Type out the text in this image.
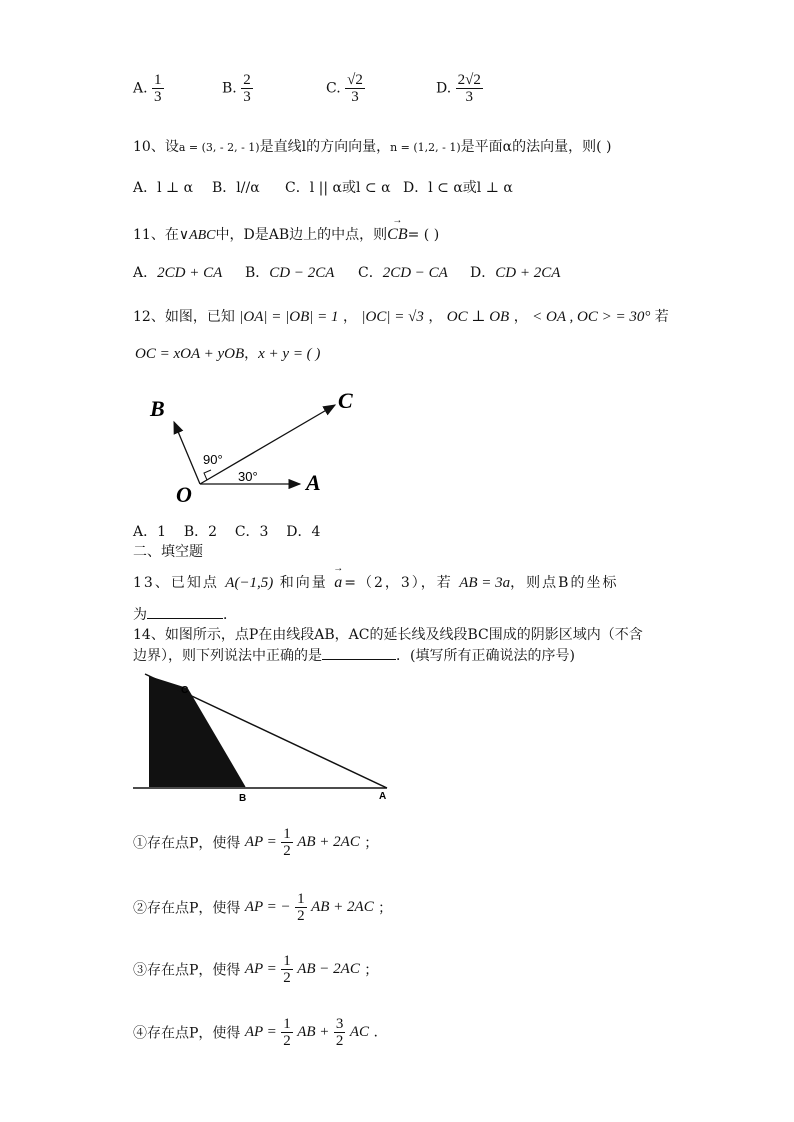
A. $\frac{1}{3}$	B. $\frac{2}{3}$	C. $\frac{√2}{3}$	D. $\frac{2√2}{3}$
10、设a = (3, - 2, - 1)是直线l的方向向量，n = (1,2, - 1)是平面α的法向量，则( )
A．l ⊥ α B．l//α C．l || α或l ⊂ α D．l ⊂ α或l ⊥ α
11、在∨ABC中，D是AB边上的中点，则→ CB= ( )
A．2CD + CA B．CD − 2CA C．2CD − CA D．CD + 2CA
12、如图，已知 |OA| = |OB| = 1 ， |OC| = √3 ， OC ⊥ OB ， < OA , OC > = 30° 若
OC = xOA + yOB，x + y = ( )
B	C
O	A
90°
30°
A．1    B．2    C．3    D．4
二、填空题
13、已知点 A(−1,5) 和向量 → a=（2，3），若 AB = 3a，则点B的坐标
为	．
14、如图所示，点P在由线段AB，AC的延长线及线段BC围成的阴影区域内（不含
边界），则下列说法中正确的是	．(填写所有正确说法的序号)
C
B	A
①存在点P，使得 AP = $\frac{1}{2}$ AB + 2AC ；
②存在点P，使得 AP = − $\frac{1}{2}$ AB + 2AC ；
③存在点P，使得 AP = $\frac{1}{2}$ AB − 2AC ；
④存在点P，使得 AP = $\frac{1}{2}$ AB + $\frac{3}{2}$ AC .
